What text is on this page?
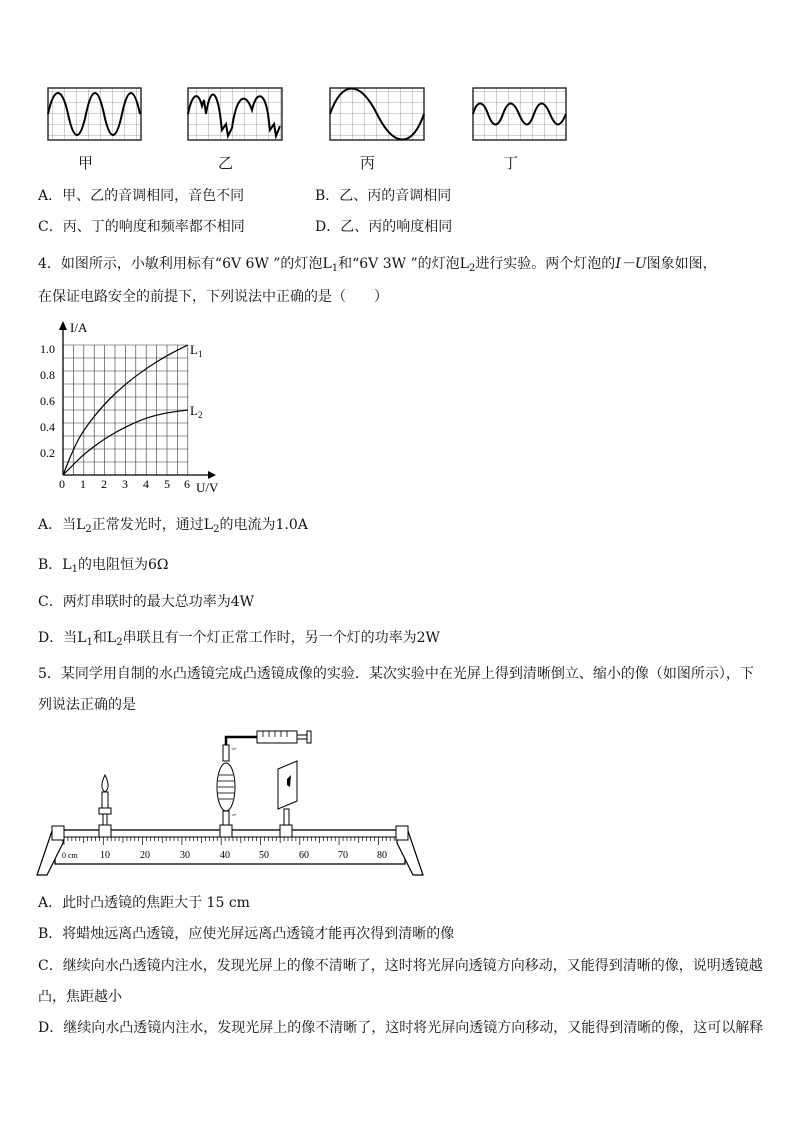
甲	乙	丙	丁
A．甲、乙的音调相同，音色不同	B．乙、丙的音调相同
C．丙、丁的响度和频率都不相同	D．乙、丙的响度相同
4．如图所示，小敏利用标有“6V 6W ”的灯泡$L_1$和“6V 3W ”的灯泡$L_2$进行实验。两个灯泡的I－U图象如图，
在保证电路安全的前提下，下列说法中正确的是（　　）
I/A
U/V
0 1 2 3 4 5 6
0.2
0.4
0.6
0.8
1.0	$L_1$
$L_2$
A．当$L_2$正常发光时，通过$L_2$的电流为1.0A
B．$L_1$的电阻恒为6Ω
C．两灯串联时的最大总功率为4W
D．当$L_1$和$L_2$串联且有一个灯正常工作时，另一个灯的功率为2W
5．某同学用自制的水凸透镜完成凸透镜成像的实验．某次实验中在光屏上得到清晰倒立、缩小的像（如图所示），下
列说法正确的是
∽
∽
0 cm 10	20	30	40	50	60	70	80
A．此时凸透镜的焦距大于 15 cm
B．将蜡烛远离凸透镜，应使光屏远离凸透镜才能再次得到清晰的像
C．继续向水凸透镜内注水，发现光屏上的像不清晰了，这时将光屏向透镜方向移动，又能得到清晰的像，说明透镜越
凸，焦距越小
D．继续向水凸透镜内注水，发现光屏上的像不清晰了，这时将光屏向透镜方向移动，又能得到清晰的像，这可以解释
